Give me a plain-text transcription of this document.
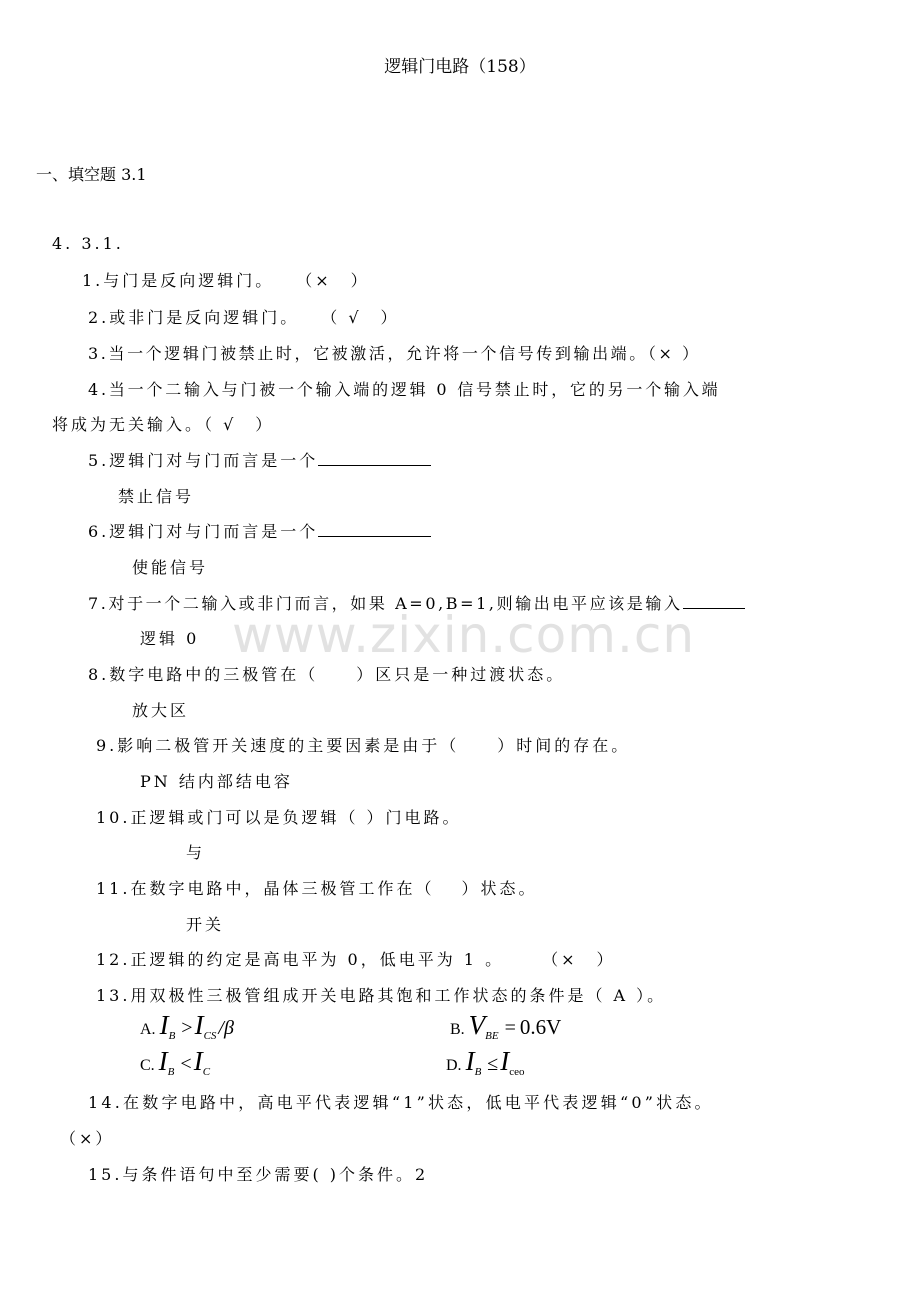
www.zixin.com.cn
逻辑门电路（158）
一、填空题 3.1
4. 3.1.
1.与门是反向逻辑门。　　（×　）
2.或非门是反向逻辑门。　　（ √　）
3.当一个逻辑门被禁止时，它被激活，允许将一个信号传到输出端。（× ）
4.当一个二输入与门被一个输入端的逻辑 0 信号禁止时，它的另一个输入端
将成为无关输入。（ √　）
5.逻辑门对与门而言是一个
禁止信号
6.逻辑门对与门而言是一个
使能信号
7.对于一个二输入或非门而言，如果 A=0,B=1,则输出电平应该是输入
逻辑 0
8.数字电路中的三极管在（　　）区只是一种过渡状态。
放大区
9.影响二极管开关速度的主要因素是由于（　　）时间的存在。
PN 结内部结电容
10.正逻辑或门可以是负逻辑（ ）门电路。
与
11.在数字电路中，晶体三极管工作在（　 ）状态。
开关
12.正逻辑的约定是高电平为 0，低电平为 1 。　　 （×　）
13.用双极性三极管组成开关电路其饱和工作状态的条件是（ A ）。
A. $I_B >I_{CS}$ /β	B. $V_{BE} = 0.6V$
C. $I_B <I_C$	D. $I_B \le I_{ceo}$
14.在数字电路中，高电平代表逻辑“1”状态，低电平代表逻辑“0”状态。
（×）
15.与条件语句中至少需要( )个条件。2
